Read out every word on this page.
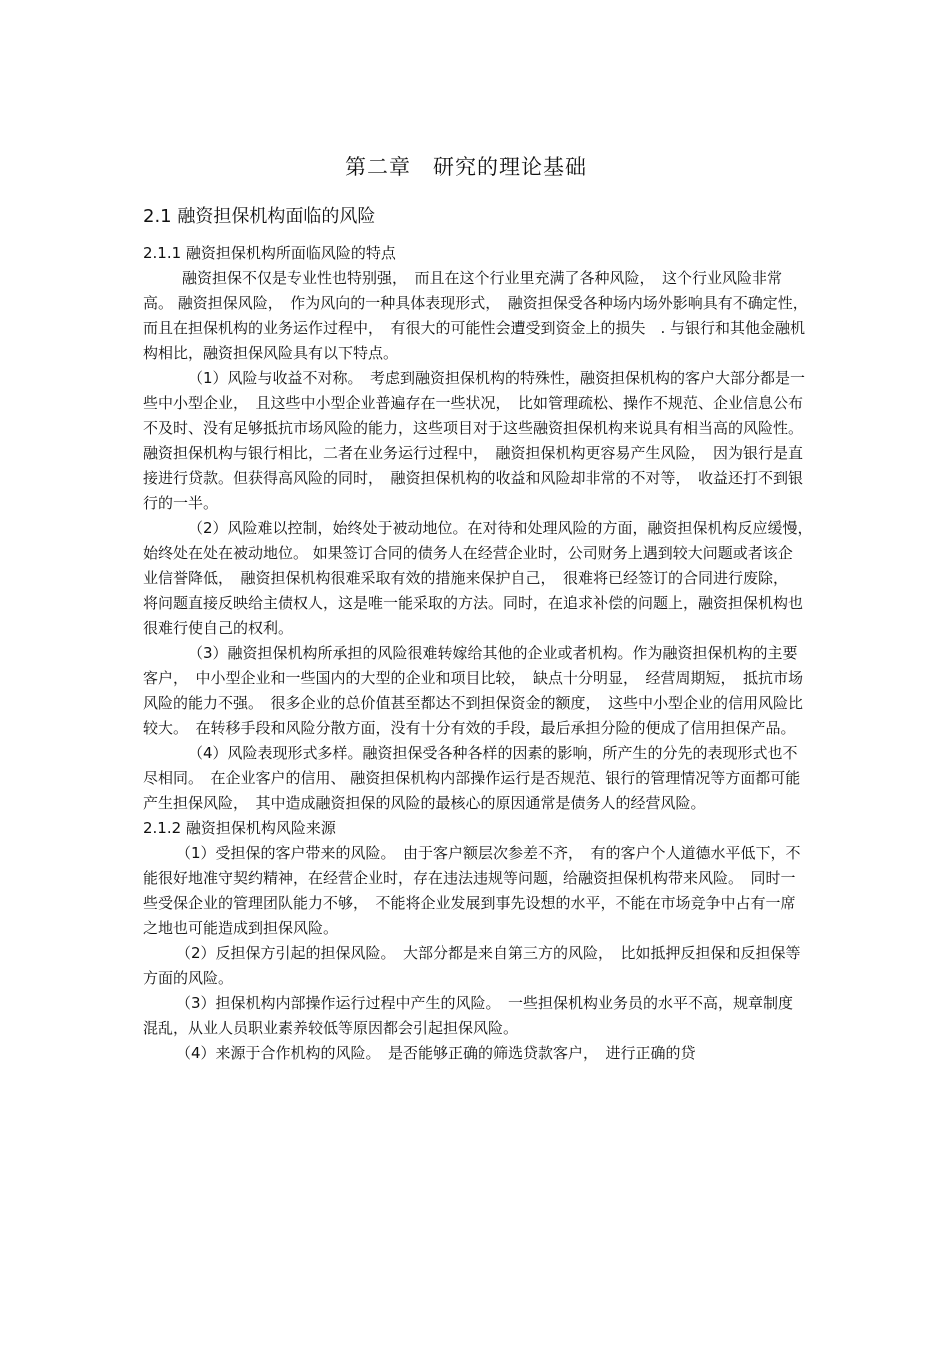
第二章　研究的理论基础
2.1 融资担保机构面临的风险
2.1.1 融资担保机构所面临风险的特点

融资担保不仅是专业性也特别强，　而且在这个行业里充满了各种风险，　这个行业风险非常高。 融资担保风险，　作为风向的一种具体表现形式，　融资担保受各种场内场外影响具有不确定性，　而且在担保机构的业务运作过程中，　有很大的可能性会遭受到资金上的损失　. 与银行和其他金融机构相比，融资担保风险具有以下特点。

（1）风险与收益不对称。　考虑到融资担保机构的特殊性，融资担保机构的客户大部分都是一些中小型企业，　且这些中小型企业普遍存在一些状况，　比如管理疏松、操作不规范、企业信息公布不及时、没有足够抵抗市场风险的能力，这些项目对于这些融资担保机构来说具有相当高的风险性。　融资担保机构与银行相比，二者在业务运行过程中，　融资担保机构更容易产生风险，　因为银行是直接进行贷款。但获得高风险的同时，　融资担保机构的收益和风险却非常的不对等，　收益还打不到银行的一半。

（2）风险难以控制，始终处于被动地位。在对待和处理风险的方面，融资担保机构反应缓慢，　始终处在处在被动地位。 如果签订合同的债务人在经营企业时，公司财务上遇到较大问题或者该企业信誉降低，　融资担保机构很难采取有效的措施来保护自己，　很难将已经签订的合同进行废除，　将问题直接反映给主债权人，这是唯一能采取的方法。同时，在追求补偿的问题上，融资担保机构也很难行使自己的权利。

（3）融资担保机构所承担的风险很难转嫁给其他的企业或者机构。作为融资担保机构的主要客户，　中小型企业和一些国内的大型的企业和项目比较，　缺点十分明显，　经营周期短，　抵抗市场风险的能力不强。　很多企业的总价值甚至都达不到担保资金的额度，　这些中小型企业的信用风险比较大。　在转移手段和风险分散方面，没有十分有效的手段，最后承担分险的便成了信用担保产品。

（4）风险表现形式多样。融资担保受各种各样的因素的影响，所产生的分先的表现形式也不尽相同。　在企业客户的信用、 融资担保机构内部操作运行是否规范、银行的管理情况等方面都可能产生担保风险，　其中造成融资担保的风险的最核心的原因通常是债务人的经营风险。

2.1.2 融资担保机构风险来源

（1）受担保的客户带来的风险。　由于客户额层次参差不齐，　有的客户个人道德水平低下，不能很好地准守契约精神，在经营企业时，存在违法违规等问题，给融资担保机构带来风险。　同时一些受保企业的管理团队能力不够，　不能将企业发展到事先设想的水平，不能在市场竞争中占有一席之地也可能造成到担保风险。

（2）反担保方引起的担保风险。　大部分都是来自第三方的风险，　比如抵押反担保和反担保等方面的风险。

（3）担保机构内部操作运行过程中产生的风险。　一些担保机构业务员的水平不高，规章制度混乱，从业人员职业素养较低等原因都会引起担保风险。

（4）来源于合作机构的风险。　是否能够正确的筛选贷款客户，　进行正确的贷
